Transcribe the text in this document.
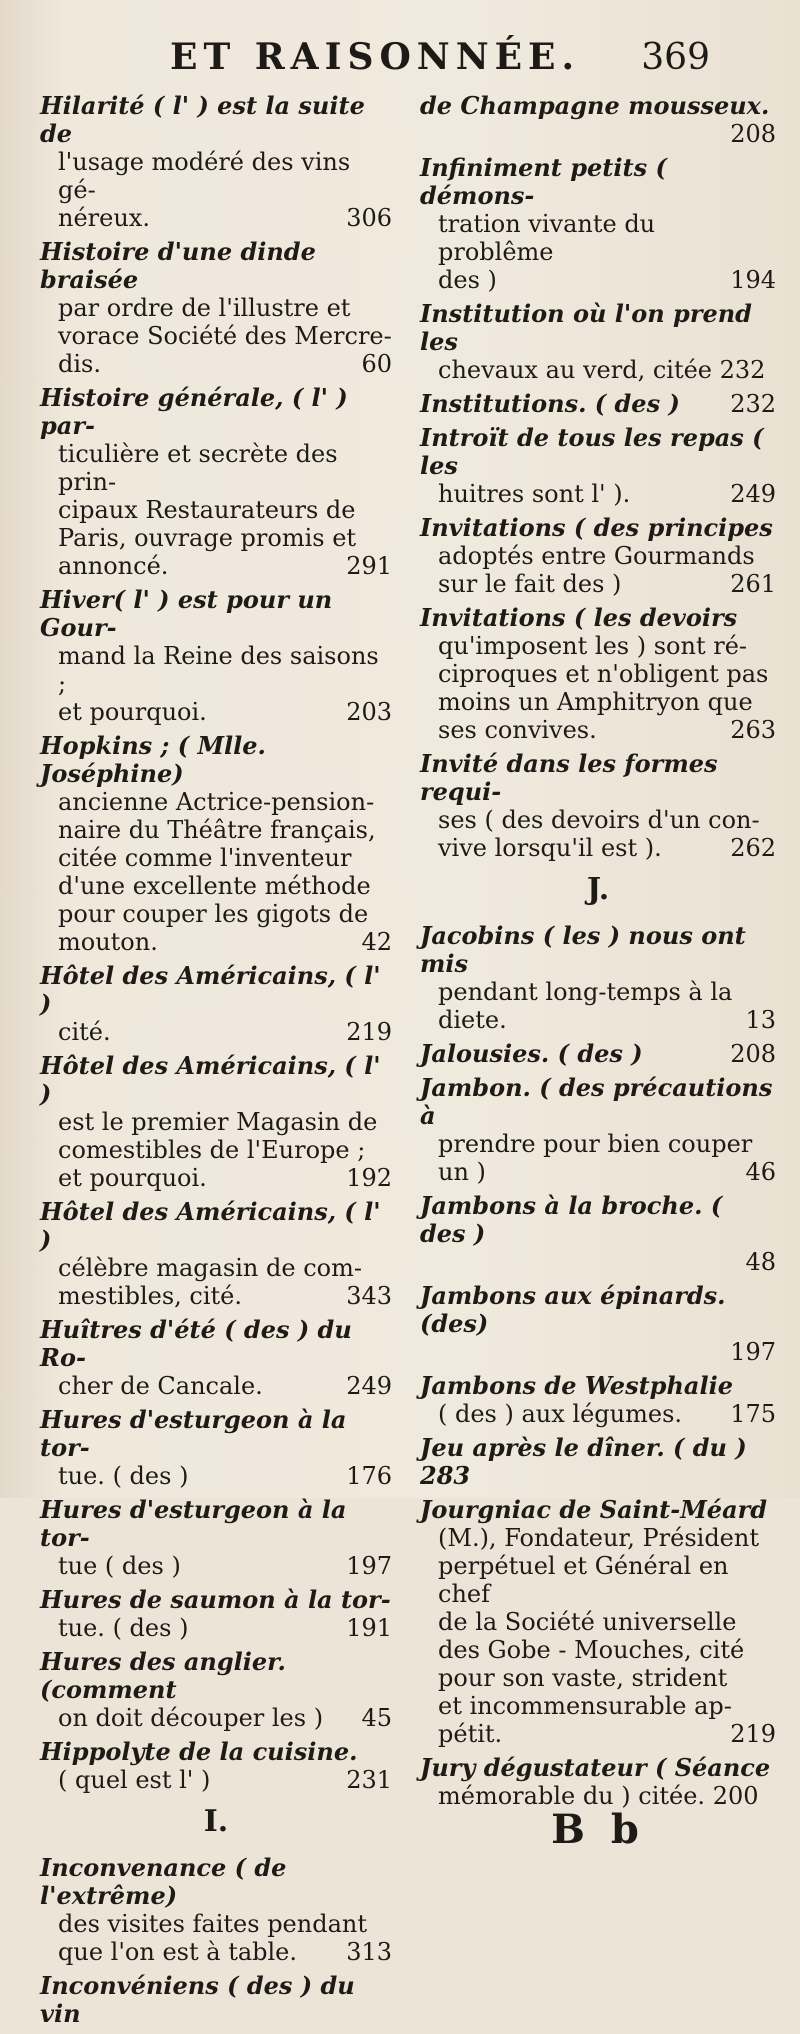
ET RAISONNÉE. 369
Hilarité ( l' ) est la suite de
l'usage modéré des vins gé-
néreux.	306
Histoire d'une dinde braisée
par ordre de l'illustre et
vorace Société des Mercre-
dis.	60
Histoire générale, ( l' ) par-
ticulière et secrète des prin-
cipaux Restaurateurs de
Paris, ouvrage promis et
annoncé.	291
Hiver( l' ) est pour un Gour-
mand la Reine des saisons ;
et pourquoi.	203
Hopkins ; ( Mlle. Joséphine)
ancienne Actrice-pension-
naire du Théâtre français,
citée comme l'inventeur
d'une excellente méthode
pour couper les gigots de
mouton.	42
Hôtel des Américains, ( l' )
cité.	219
Hôtel des Américains, ( l' )
est le premier Magasin de
comestibles de l'Europe ;
et pourquoi.	192
Hôtel des Américains, ( l' )
célèbre magasin de com-
mestibles, cité.	343
Huîtres d'été ( des ) du Ro-
cher de Cancale.	249
Hures d'esturgeon à la tor-
tue. ( des )	176
Hures d'esturgeon à la tor-
tue ( des )	197
Hures de saumon à la tor-
tue. ( des )	191
Hures des anglier.(comment
on doit découper les )	45
Hippolyte de la cuisine.
( quel est l' )	231
I.
Inconvenance ( de l'extrême)
des visites faites pendant
que l'on est à table.	313
Inconvéniens ( des ) du vin
de Champagne mousseux.
208
Infiniment petits ( démons-
tration vivante du problême
des )	194
Institution où l'on prend les
chevaux au verd, citée 232
Institutions. ( des )	232
Introït de tous les repas ( les
huitres sont l' ).	249
Invitations ( des principes
adoptés entre Gourmands
sur le fait des )	261
Invitations ( les devoirs
qu'imposent les ) sont ré-
ciproques et n'obligent pas
moins un Amphitryon que
ses convives.	263
Invité dans les formes requi-
ses ( des devoirs d'un con-
vive lorsqu'il est ).	262
J.
Jacobins ( les ) nous ont mis
pendant long-temps à la
diete.	13
Jalousies. ( des )	208
Jambon. ( des précautions à
prendre pour bien couper
un )	46
Jambons à la broche. ( des )
48
Jambons aux épinards. (des)
197
Jambons de Westphalie
( des ) aux légumes.	175
Jeu après le dîner. ( du ) 283
Jourgniac de Saint-Méard
(M.), Fondateur, Président
perpétuel et Général en chef
de la Société universelle
des Gobe - Mouches, cité
pour son vaste, strident
et incommensurable ap-
pétit.	219
Jury dégustateur ( Séance
mémorable du ) citée. 200
B b
